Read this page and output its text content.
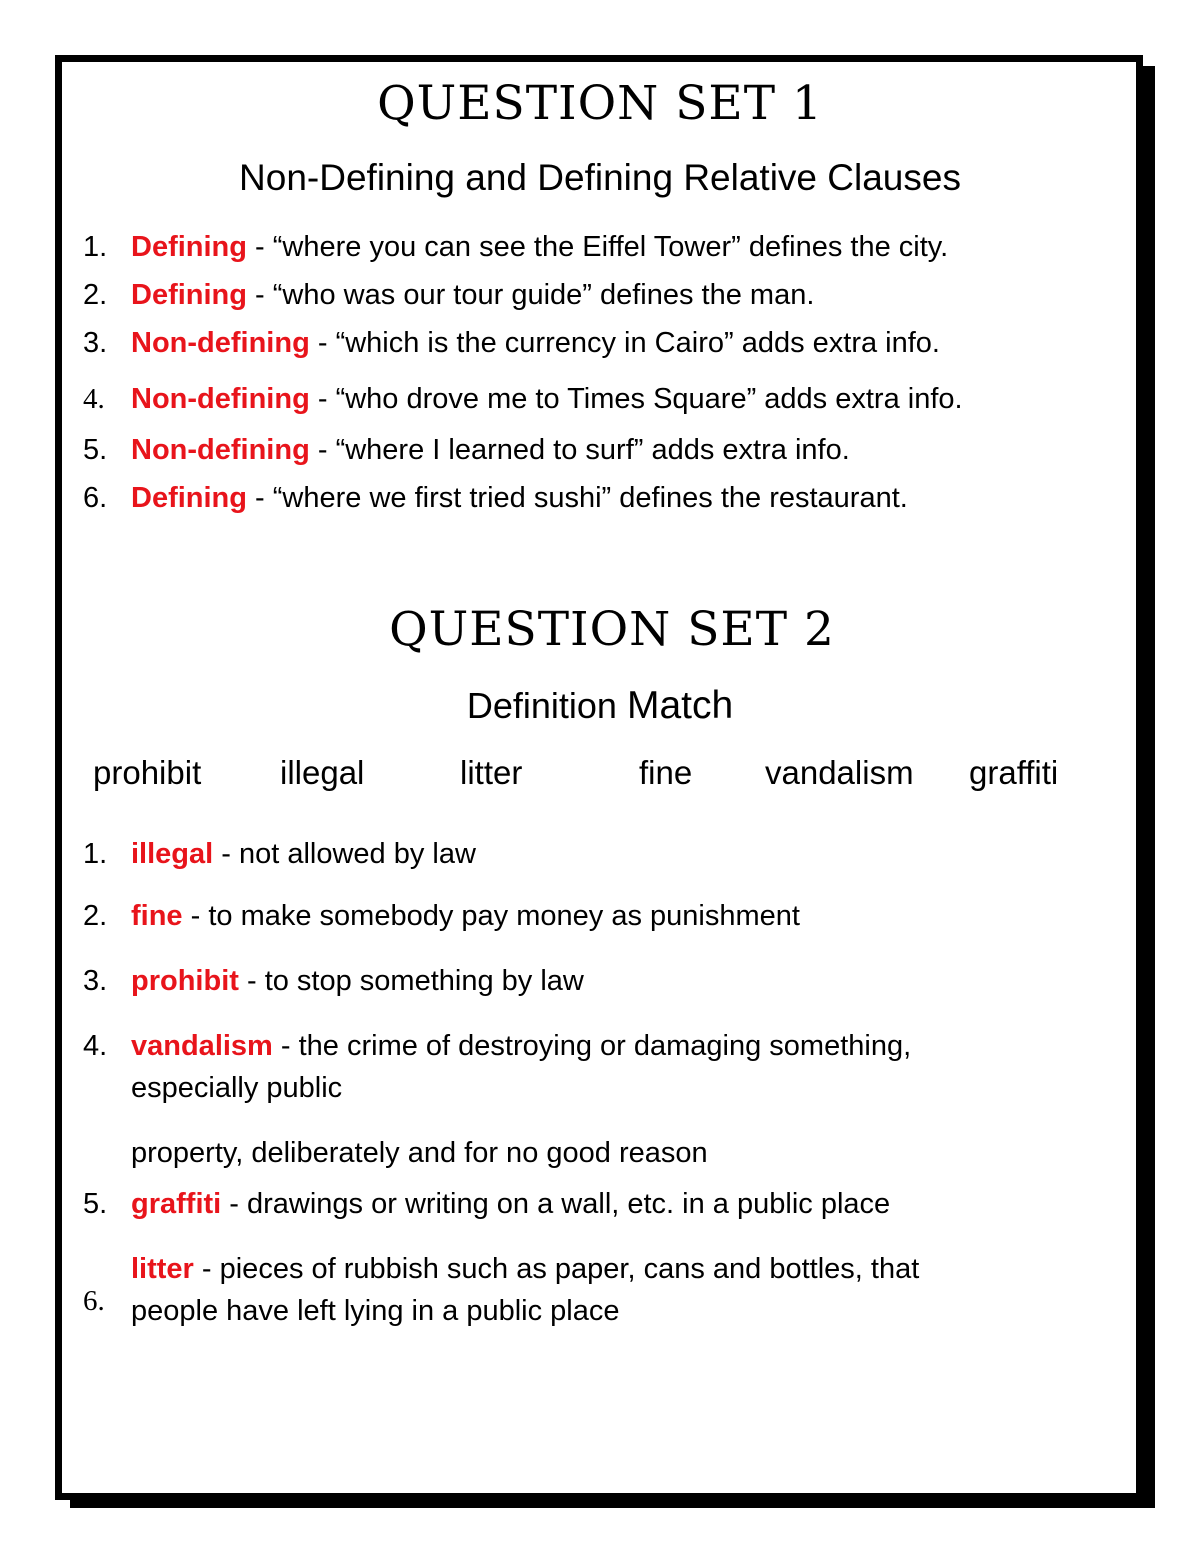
QUESTION SET 1
Non-Defining and Defining Relative Clauses
1. Defining - “where you can see the Eiffel Tower” defines the city.
2. Defining - “who was our tour guide” defines the man.
3. Non-defining - “which is the currency in Cairo” adds extra info.
4. Non-defining - “who drove me to Times Square” adds extra info.
5. Non-defining - “where I learned to surf” adds extra info.
6. Defining - “where we first tried sushi” defines the restaurant.
QUESTION SET 2
Definition Match
prohibit illegal	litter	fine vandalism graffiti
1. illegal - not allowed by law
2. fine - to make somebody pay money as punishment
3. prohibit - to stop something by law
4. vandalism - the crime of destroying or damaging something,
especially public
property, deliberately and for no good reason
5. graffiti - drawings or writing on a wall, etc. in a public place
litter - pieces of rubbish such as paper, cans and bottles, that
6. people have left lying in a public place
